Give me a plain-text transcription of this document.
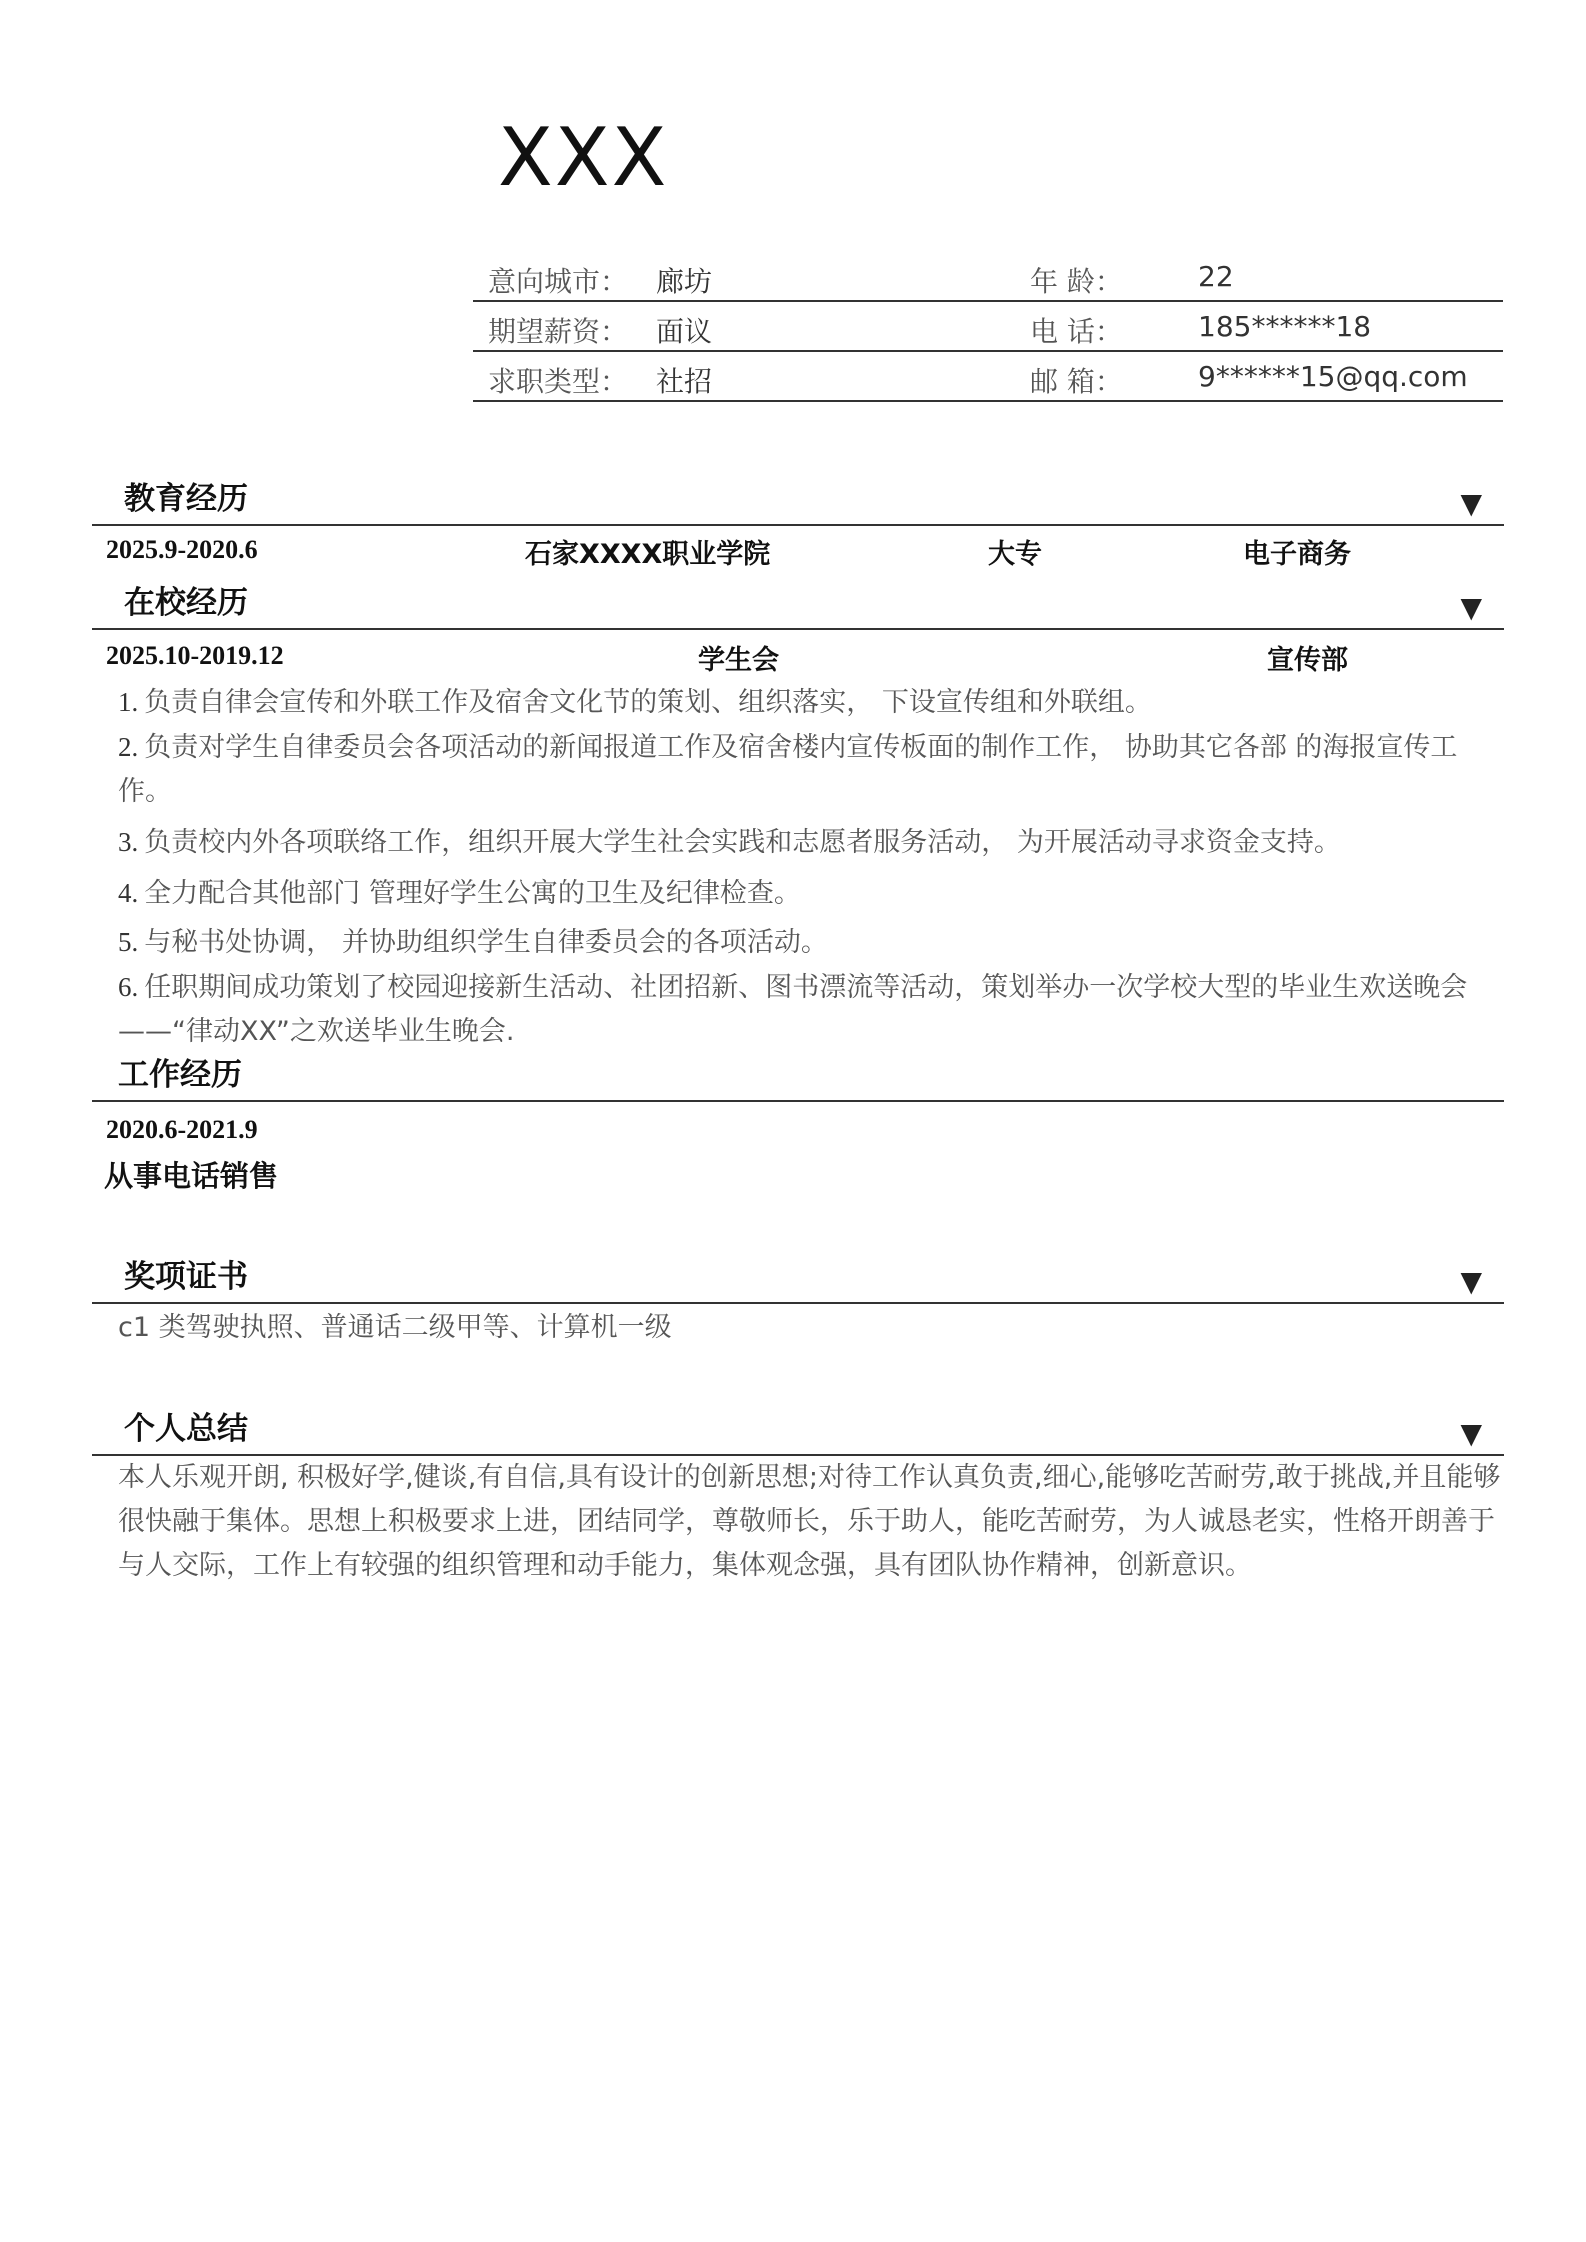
XXX
意向城市： 廊坊	年 龄：	22
期望薪资： 面议	电 话：	185******18
求职类型： 社招	邮 箱：	9******15@qq.com
教育经历	▼
2025.9-2020.6	石家XXXX职业学院	大专	电子商务
在校经历	▼
2025.10-2019.12	学生会	宣传部

1. 负责自律会宣传和外联工作及宿舍文化节的策划、组织落实， 下设宣传组和外联组。

2. 负责对学生自律委员会各项活动的新闻报道工作及宿舍楼内宣传板面的制作工作， 协助其它各部 的海报宣传工作。

3. 负责校内外各项联络工作，组织开展大学生社会实践和志愿者服务活动， 为开展活动寻求资金支持。

4. 全力配合其他部门 管理好学生公寓的卫生及纪律检查。

5. 与秘书处协调， 并协助组织学生自律委员会的各项活动。

6. 任职期间成功策划了校园迎接新生活动、社团招新、图书漂流等活动，策划举办一次学校大型的毕业生欢送晚会 ——“律动XX”之欢送毕业生晚会.

工作经历
2020.6-2021.9
从事电话销售
奖项证书	▼
c1 类驾驶执照、普通话二级甲等、计算机一级
个人总结	▼
本人乐观开朗, 积极好学,健谈,有自信,具有设计的创新思想;对待工作认真负责,细心,能够吃苦耐劳,敢于挑战,并且能够很快融于集体。思想上积极要求上进，团结同学，尊敬师长，乐于助人，能吃苦耐劳，为人诚恳老实，性格开朗善于与人交际，工作上有较强的组织管理和动手能力，集体观念强，具有团队协作精神，创新意识。
